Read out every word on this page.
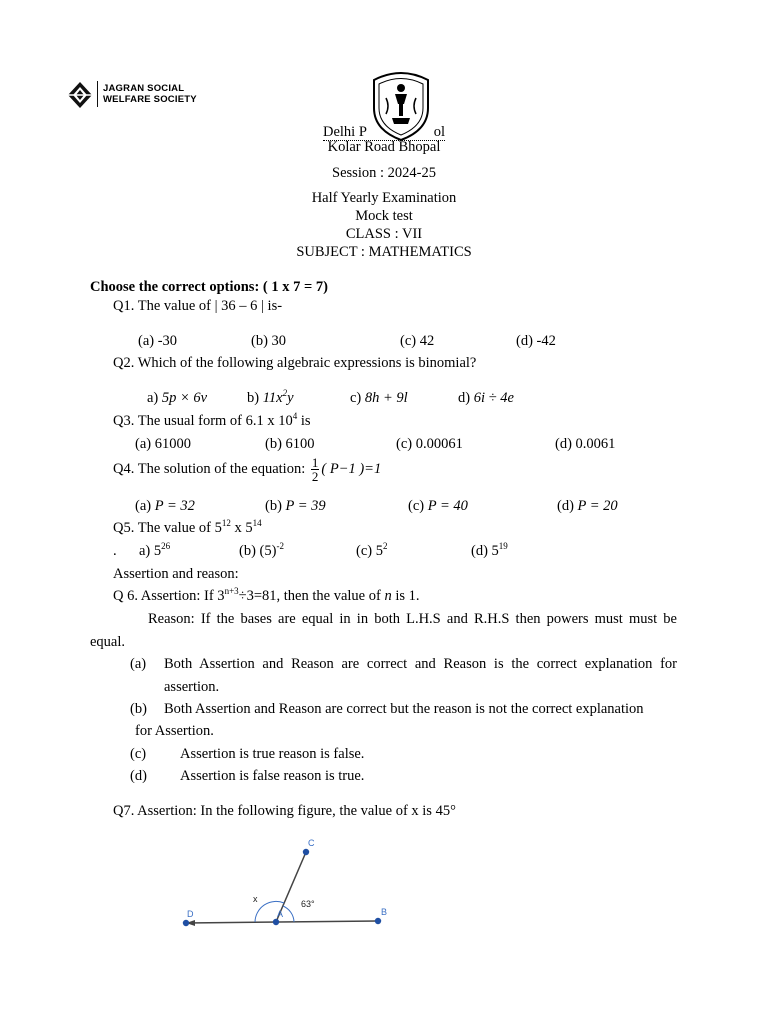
JAGRAN SOCIAL
WELFARE SOCIETY
Delhi P	ol

Kolar Road Bhopal
Session : 2024-25
Half Yearly Examination
Mock test
CLASS : VII
SUBJECT : MATHEMATICS
Choose the correct options: ( 1 x 7 = 7)
Q1. The value of | 36 – 6 | is-
(a) -30	(b) 30	(c) 42	(d) -42
Q2. Which of the following algebraic expressions is binomial?
a) 5p × 6v	b) $11x^2y$	c) 8h + 9l	d) 6i ÷ 4e
Q3. The usual form of 6.1 x $10^4$ is
(a) 61000	(b) 6100	(c) 0.00061	(d) 0.0061
Q4. The solution of the equation: $\frac{1}{2}$ ( P−1 )=1
(a) P = 32	(b) P = 39	(c) P = 40	(d) P = 20
Q5. The value of $5^{12}$ x $5^{14}$
. a) $5^{26}$	(b) $(5)^{-2}$	(c) $5^2$	(d) $5^{19}$
Assertion and reason:
Q 6. Assertion: If $3^{n+3}\div 3=81$, then the value of n is 1.
Reason: If the bases are equal in in both L.H.S and R.H.S then powers must must be
equal.
(a) Both Assertion and Reason are correct and Reason is the correct explanation for
assertion.
(b) Both Assertion and Reason are correct but the reason is not the correct explanation
for Assertion.
(c) Assertion is true reason is false.
(d) Assertion is false reason is true.
Q7. Assertion: In the following figure, the value of x is 45°
C
D	A	B
x	63°
